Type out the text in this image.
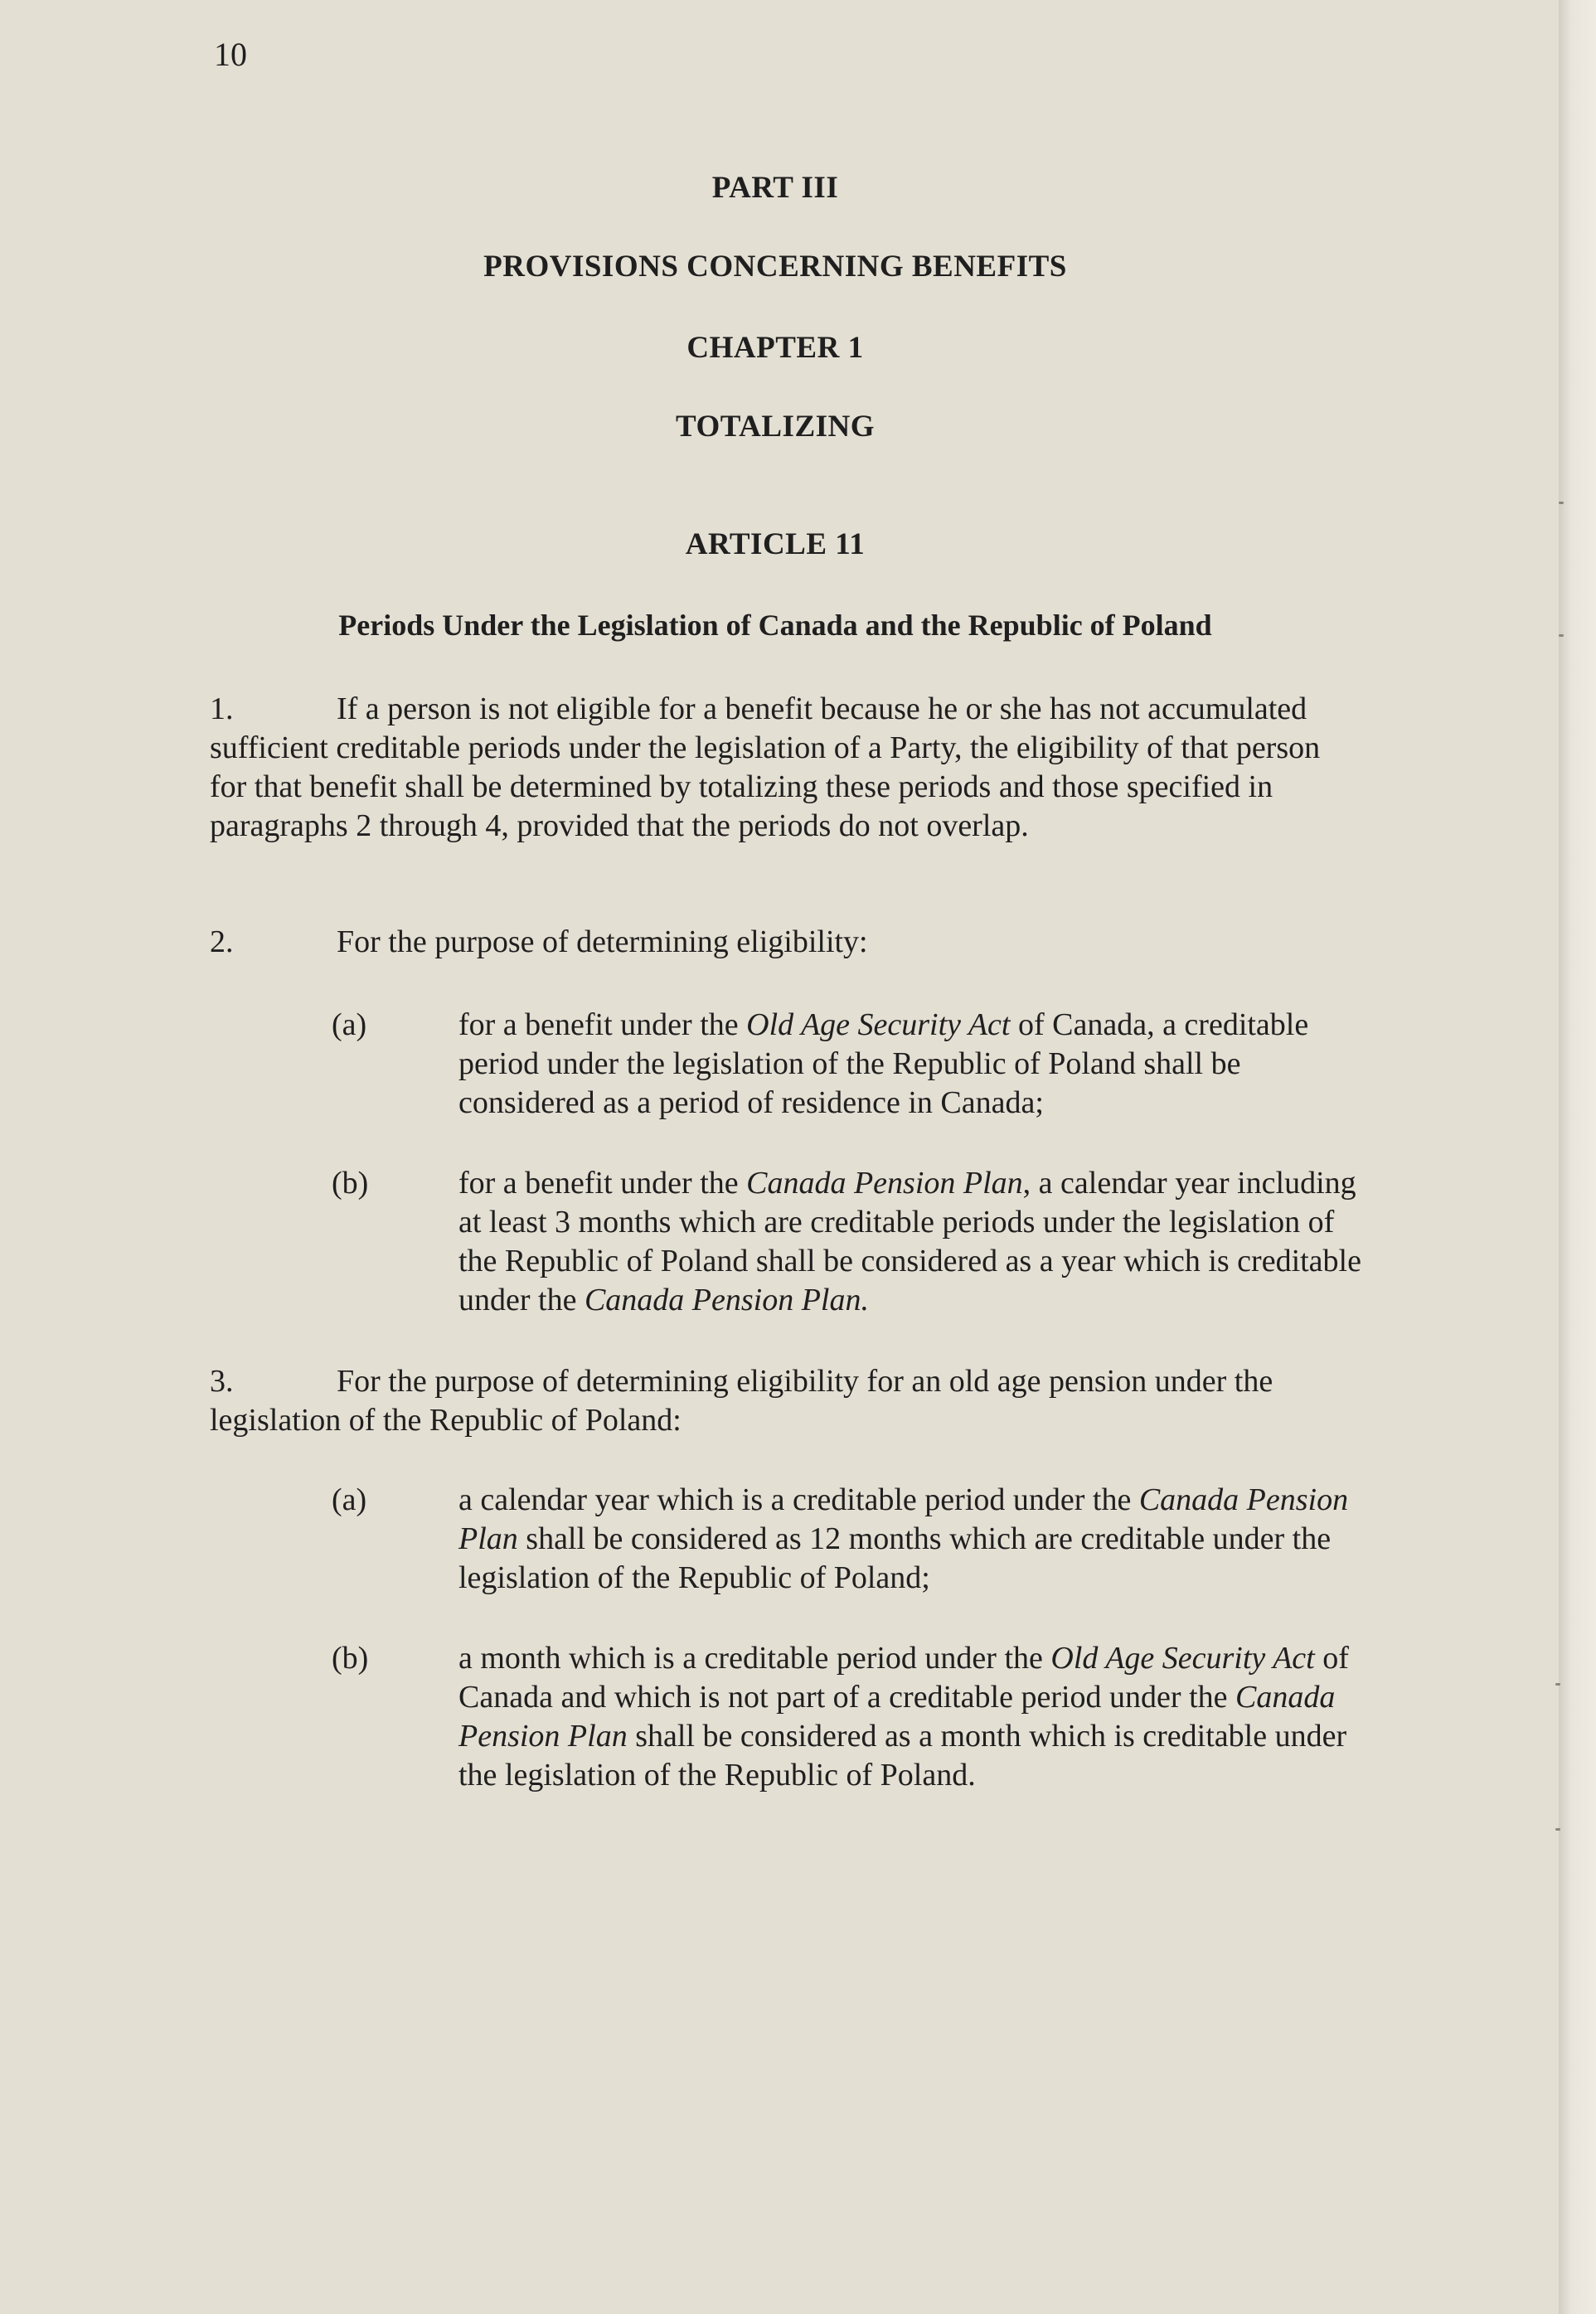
10
PART III
PROVISIONS CONCERNING BENEFITS
CHAPTER 1
TOTALIZING
ARTICLE 11
Periods Under the Legislation of Canada and the Republic of Poland
1.	If a person is not eligible for a benefit because he or she has not accumulated sufficient creditable periods under the legislation of a Party, the eligibility of that person for that benefit shall be determined by totalizing these periods and those specified in paragraphs 2 through 4, provided that the periods do not overlap.
2.	For the purpose of determining eligibility:
(a)	for a benefit under the Old Age Security Act of Canada, a creditable period under the legislation of the Republic of Poland shall be considered as a period of residence in Canada;
(b)	for a benefit under the Canada Pension Plan, a calendar year including at least 3 months which are creditable periods under the legislation of the Republic of Poland shall be considered as a year which is creditable under the Canada Pension Plan.
3.	For the purpose of determining eligibility for an old age pension under the legislation of the Republic of Poland:
(a)	a calendar year which is a creditable period under the Canada Pension Plan shall be considered as 12 months which are creditable under the legislation of the Republic of Poland;
(b)	a month which is a creditable period under the Old Age Security Act of Canada and which is not part of a creditable period under the Canada Pension Plan shall be considered as a month which is creditable under the legislation of the Republic of Poland.
